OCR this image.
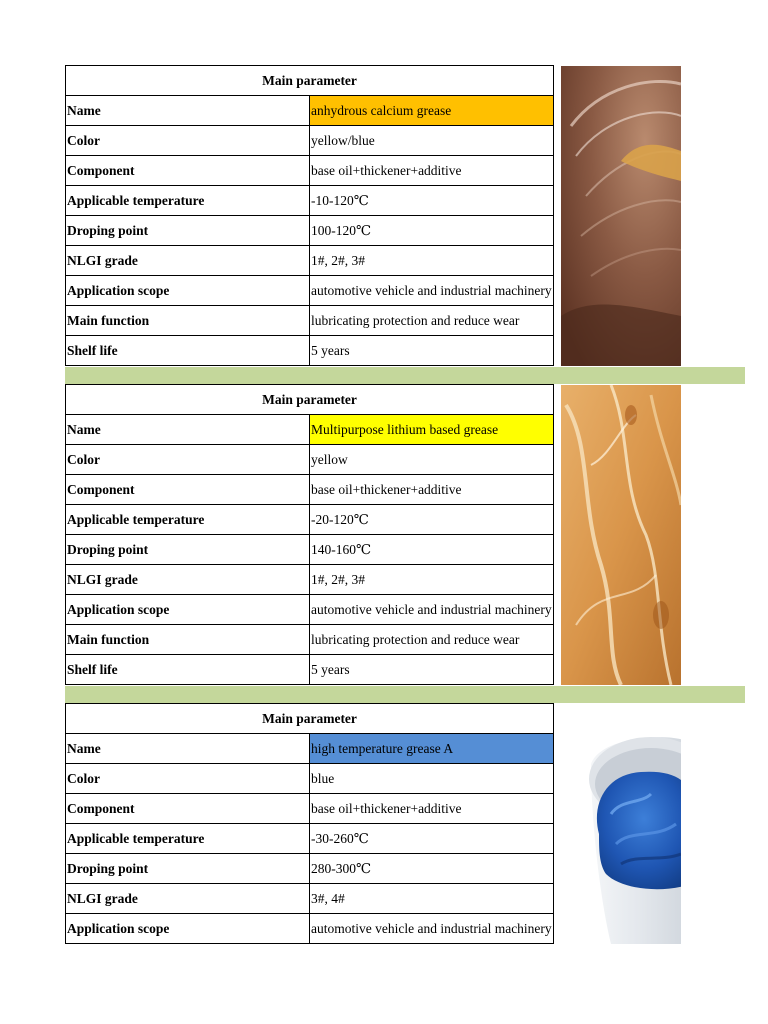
Main parameter	
Name	anhydrous calcium grease
Color	yellow/blue
Component	base oil+thickener+additive
Applicable temperature	-10-120℃
Droping point	100-120℃
NLGI grade	1#, 2#, 3#
Application scope	automotive vehicle and industrial machinery
Main function	lubricating protection and reduce wear
Shelf life	5 years
Main parameter	
Name	Multipurpose lithium based grease
Color	yellow
Component	base oil+thickener+additive
Applicable temperature	-20-120℃
Droping point	140-160℃
NLGI grade	1#, 2#, 3#
Application scope	automotive vehicle and industrial machinery
Main function	lubricating protection and reduce wear
Shelf life	5 years
Main parameter	
Name	high temperature grease A
Color	blue
Component	base oil+thickener+additive
Applicable temperature	-30-260℃
Droping point	280-300℃
NLGI grade	3#, 4#
Application scope	automotive vehicle and industrial machinery
